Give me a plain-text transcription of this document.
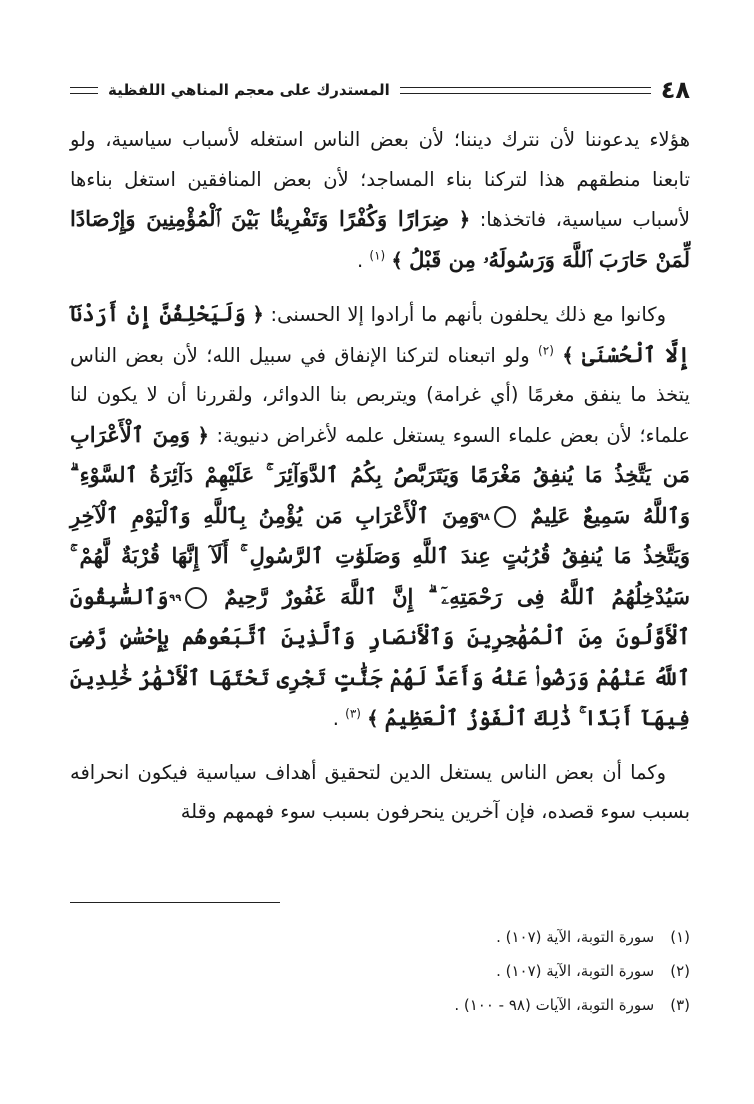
٤٨
المستدرك على معجم المناهي اللفظية

هؤلاء يدعوننا لأن نترك ديننا؛ لأن بعض الناس استغله لأسباب سياسية، ولو تابعنا منطقهم هذا لتركنا بناء المساجد؛ لأن بعض المنافقين استغل بناءها لأسباب سياسية، فاتخذها: ﴿ ضِرَارًا وَكُفْرًا وَتَفْرِيقًۢا بَيْنَ ٱلْمُؤْمِنِينَ وَإِرْصَادًا لِّمَنْ حَارَبَ ٱللَّهَ وَرَسُولَهُۥ مِن قَبْلُ ﴾ $^{(١)}$ .

وكانوا مع ذلك يحلفون بأنهم ما أرادوا إلا الحسنى: ﴿ وَلَيَحْلِفُنَّ إِنْ أَرَدْنَآ إِلَّا ٱلْحُسْنَىٰ ﴾ $^{(٢)}$ ولو اتبعناه لتركنا الإنفاق في سبيل الله؛ لأن بعض الناس يتخذ ما ينفق مغرمًا (أي غرامة) ويتربص بنا الدوائر، ولقررنا أن لا يكون لنا علماء؛ لأن بعض علماء السوء يستغل علمه لأغراض دنيوية: ﴿ وَمِنَ ٱلْأَعْرَابِ مَن يَتَّخِذُ مَا يُنفِقُ مَغْرَمًا وَيَتَرَبَّصُ بِكُمُ ٱلدَّوَآئِرَ ۚ عَلَيْهِمْ دَآئِرَةُ ٱلسَّوْءِ ۗ وَٱللَّهُ سَمِيعٌ عَلِيمٌ ٩٨ وَمِنَ ٱلْأَعْرَابِ مَن يُؤْمِنُ بِٱللَّهِ وَٱلْيَوْمِ ٱلْآخِرِ وَيَتَّخِذُ مَا يُنفِقُ قُرُبَٰتٍ عِندَ ٱللَّهِ وَصَلَوَٰتِ ٱلرَّسُولِ ۚ أَلَآ إِنَّهَا قُرْبَةٌ لَّهُمْ ۚ سَيُدْخِلُهُمُ ٱللَّهُ فِى رَحْمَتِهِۦٓ ۗ إِنَّ ٱللَّهَ غَفُورٌ رَّحِيمٌ ٩٩ وَٱلسَّٰبِقُونَ ٱلْأَوَّلُونَ مِنَ ٱلْمُهَٰجِرِينَ وَٱلْأَنصَارِ وَٱلَّذِينَ ٱتَّبَعُوهُم بِإِحْسَٰنٍ رَّضِىَ ٱللَّهُ عَنْهُمْ وَرَضُوا۟ عَنْهُ وَأَعَدَّ لَهُمْ جَنَّٰتٍ تَجْرِى تَحْتَهَا ٱلْأَنْهَٰرُ خَٰلِدِينَ فِيهَآ أَبَدًا ۚ ذَٰلِكَ ٱلْفَوْزُ ٱلْعَظِيمُ ﴾ $^{(٣)}$ .

وكما أن بعض الناس يستغل الدين لتحقيق أهداف سياسية فيكون انحرافه بسبب سوء قصده، فإن آخرين ينحرفون بسبب سوء فهمهم وقلة

(١)
سورة التوبة، الآية (١٠٧) .
(٢)
سورة التوبة، الآية (١٠٧) .
(٣)
سورة التوبة، الآيات (٩٨ - ١٠٠) .
